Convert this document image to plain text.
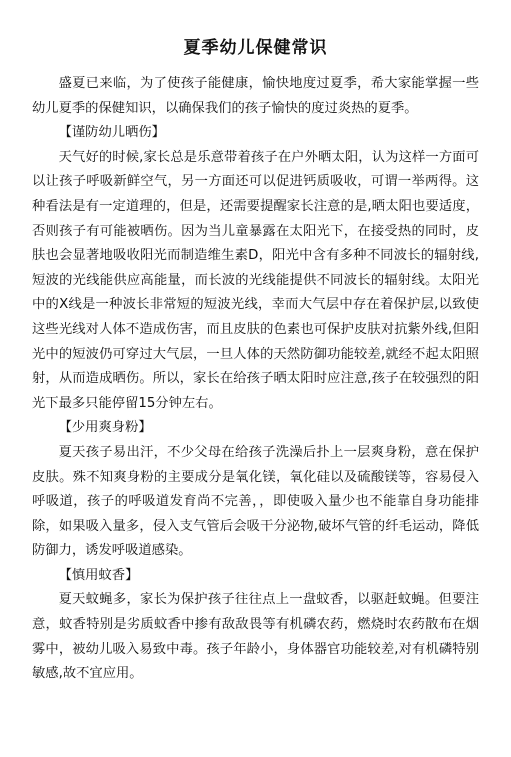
夏季幼儿保健常识

盛夏已来临，为了使孩子能健康，愉快地度过夏季，希大家能掌握一些幼儿夏季的保健知识，以确保我们的孩子愉快的度过炎热的夏季。

【谨防幼儿晒伤】

天气好的时候,家长总是乐意带着孩子在户外晒太阳，认为这样一方面可以让孩子呼吸新鲜空气，另一方面还可以促进钙质吸收，可谓一举两得。这种看法是有一定道理的，但是，还需要提醒家长注意的是,晒太阳也要适度，否则孩子有可能被晒伤。因为当儿童暴露在太阳光下，在接受热的同时，皮肤也会显著地吸收阳光而制造维生素D，阳光中含有多种不同波长的辐射线,短波的光线能供应高能量，而长波的光线能提供不同波长的辐射线。太阳光中的X线是一种波长非常短的短波光线，幸而大气层中存在着保护层,以致使这些光线对人体不造成伤害，而且皮肤的色素也可保护皮肤对抗紫外线,但阳光中的短波仍可穿过大气层，一旦人体的天然防御功能较差,就经不起太阳照射，从而造成晒伤。所以，家长在给孩子晒太阳时应注意,孩子在较强烈的阳光下最多只能停留15分钟左右。

【少用爽身粉】

夏天孩子易出汗，不少父母在给孩子洗澡后扑上一层爽身粉，意在保护皮肤。殊不知爽身粉的主要成分是氧化镁，氧化硅以及硫酸镁等，容易侵入呼吸道，孩子的呼吸道发育尚不完善，，即使吸入量少也不能靠自身功能排除，如果吸入量多，侵入支气管后会吸干分泌物,破坏气管的纤毛运动，降低防御力，诱发呼吸道感染。

【慎用蚊香】

夏天蚊蝇多，家长为保护孩子往往点上一盘蚊香，以驱赶蚊蝇。但要注意，蚊香特别是劣质蚊香中掺有敌敌畏等有机磷农药，燃烧时农药散布在烟雾中，被幼儿吸入易致中毒。孩子年龄小，身体器官功能较差,对有机磷特别敏感,故不宜应用。
